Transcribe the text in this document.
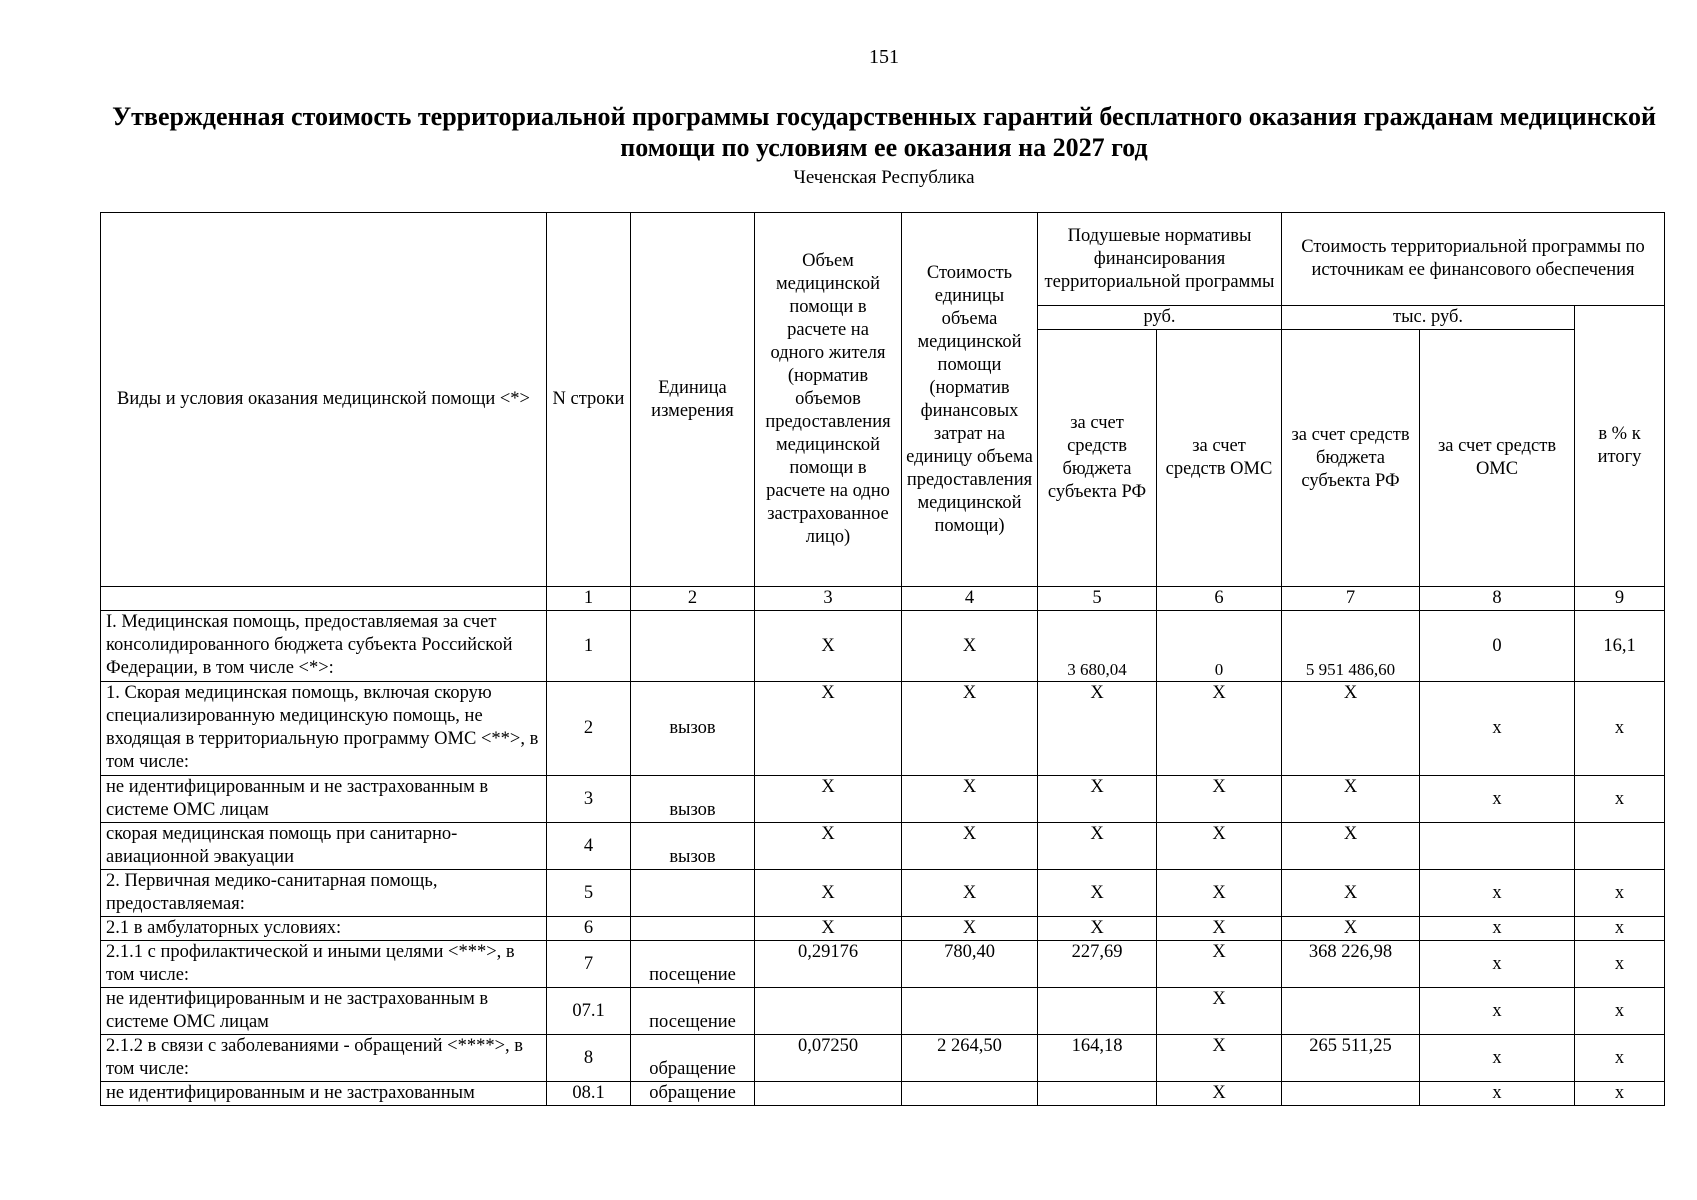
151
Утвержденная стоимость территориальной программы государственных гарантий бесплатного оказания гражданам медицинской помощи по условиям ее оказания на 2027 год
Чеченская Республика
Виды и условия оказания медицинской помощи <*>	N строки	Единица измерения	Объем медицинской помощи в расчете на одного жителя (норматив объемов предоставления медицинской помощи в расчете на одно застрахованное лицо)	Стоимость единицы объема медицинской помощи (норматив финансовых затрат на единицу объема предоставления медицинской помощи)	Подушевые нормативы финансирования территориальной программы		Стоимость территориальной программы по источникам ее финансового обеспечения		
					руб.		тыс. руб.		в % к итогу
					за счет средств бюджета субъекта РФ	за счет средств ОМС	за счет средств бюджета субъекта РФ	за счет средств ОМС	
	1	2	3	4	5	6	7	8	9
I. Медицинская помощь, предоставляемая за счет консолидированного бюджета субъекта Российской Федерации, в том числе <*>:	1		Х	Х	3 680,04	0	5 951 486,60	0	16,1
1. Скорая медицинская помощь, включая скорую специализированную медицинскую помощь, не входящая в территориальную программу ОМС <**>, в том числе:	2	вызов	Х	Х	Х	Х	Х	х	х
не идентифицированным и не застрахованным в системе ОМС лицам	3	вызов	Х	Х	Х	Х	Х	х	х
скорая медицинская помощь при санитарно-авиационной эвакуации	4	вызов	Х	Х	Х	Х	Х		
2. Первичная медико-санитарная помощь, предоставляемая:	5		Х	Х	Х	Х	Х	х	х
2.1 в амбулаторных условиях:	6		Х	Х	Х	Х	Х	х	х
2.1.1 с профилактической и иными целями <***>, в том числе:	7	посещение	0,29176	780,40	227,69	Х	368 226,98	х	х
не идентифицированным и не застрахованным в системе ОМС лицам	07.1	посещение				Х		х	х
2.1.2 в связи с заболеваниями - обращений <****>, в том числе:	8	обращение	0,07250	2 264,50	164,18	Х	265 511,25	х	х
не идентифицированным и не застрахованным	08.1	обращение				Х		х	х
